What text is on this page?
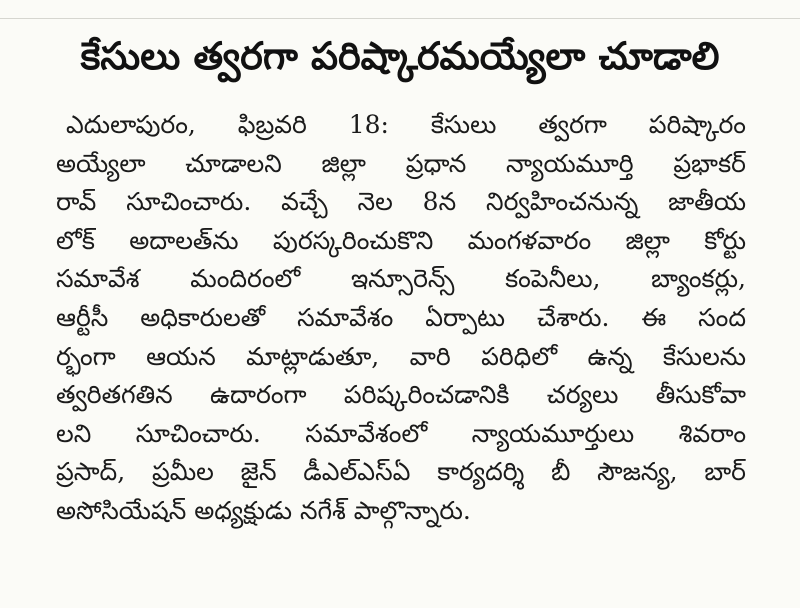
కేసులు త్వరగా పరిష్కారమయ్యేలా చూడాలి
ఎదులాపురం, ఫిబ్రవరి 18: కేసులు త్వరగా పరిష్కారం
అయ్యేలా చూడాలని జిల్లా ప్రధాన న్యాయమూర్తి ప్రభాకర్
రావ్ సూచించారు. వచ్చే నెల 8న నిర్వహించనున్న జాతీయ
లోక్ అదాలత్‌ను పురస్కరించుకొని మంగళవారం జిల్లా కోర్టు
సమావేశ మందిరంలో ఇన్సూరెన్స్ కంపెనీలు, బ్యాంకర్లు,
ఆర్టీసీ అధికారులతో సమావేశం ఏర్పాటు చేశారు. ఈ సంద
ర్భంగా ఆయన మాట్లాడుతూ, వారి పరిధిలో ఉన్న కేసులను
త్వరితగతిన ఉదారంగా పరిష్కరించడానికి చర్యలు తీసుకోవా
లని సూచించారు. సమావేశంలో న్యాయమూర్తులు శివరాం
ప్రసాద్, ప్రమీల జైన్ డీఎల్ఎస్ఏ కార్యదర్శి బీ సౌజన్య, బార్
అసోసియేషన్ అధ్యక్షుడు నగేశ్ పాల్గొన్నారు.
